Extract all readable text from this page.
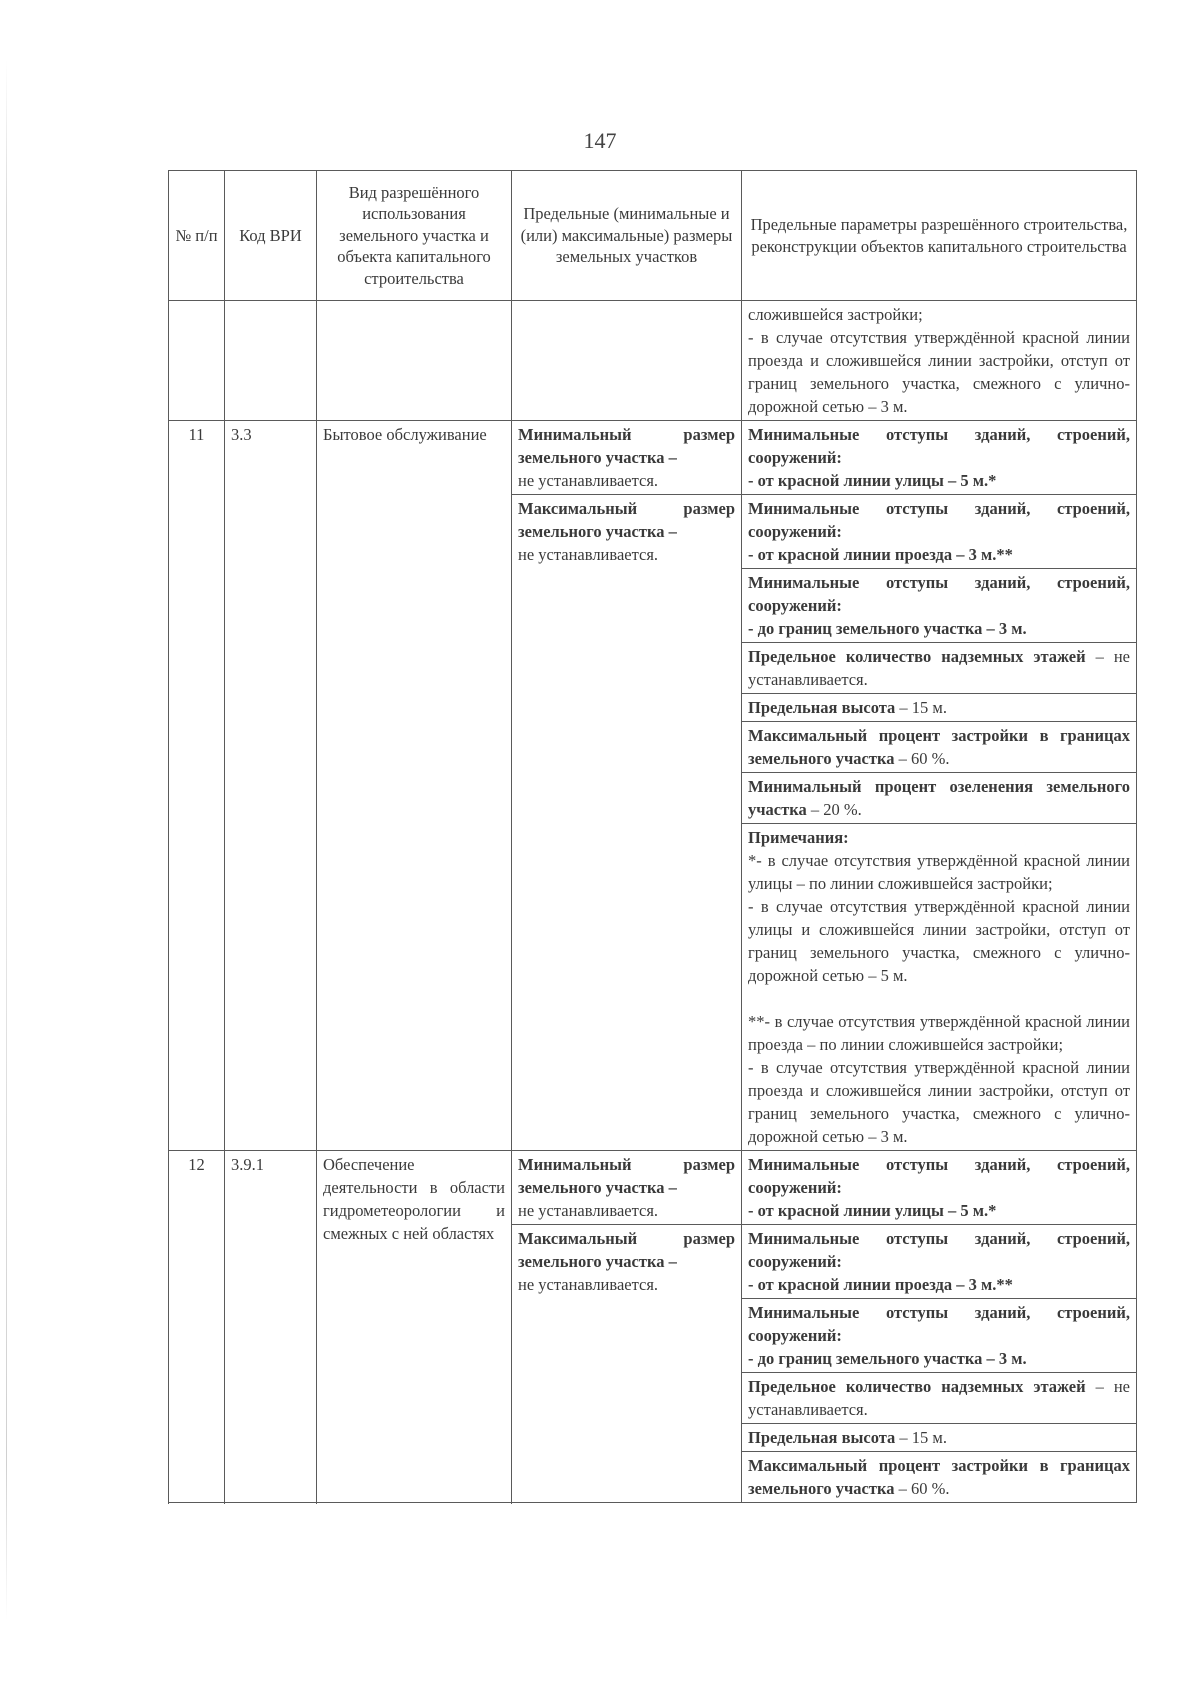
147
№ п/п	Код ВРИ	Вид разрешённого использования земельного участка и объекта капитального строительства	Предельные (минимальные и (или) максимальные) размеры земельных участков	Предельные параметры разрешённого строительства, реконструкции объектов капитального строительства

				сложившейся застройки;
- в случае отсутствия утверждённой красной линии проезда и сложившейся линии застройки, отступ от границ земельного участка, смежного с улично-дорожной сетью – 3 м.

11	3.3	Бытовое обслуживание	Минимальный размер земельного участка –
не устанавливается.	Минимальные отступы зданий, строений, сооружений:
- от красной линии улицы – 5 м.*

			Максимальный размер земельного участка –
не устанавливается.	Минимальные отступы зданий, строений, сооружений:
- от красной линии проезда – 3 м.**

				Минимальные отступы зданий, строений, сооружений:
- до границ земельного участка – 3 м.

				Предельное количество надземных этажей – не устанавливается.
				Предельная высота – 15 м.
				Максимальный процент застройки в границах земельного участка – 60 %.
				Минимальный процент озеленения земельного участка – 20 %.

				Примечания:
*- в случае отсутствия утверждённой красной линии улицы – по линии сложившейся застройки;
- в случае отсутствия утверждённой красной линии улицы и сложившейся линии застройки, отступ от границ земельного участка, смежного с улично-дорожной сетью – 5 м.
**- в случае отсутствия утверждённой красной линии проезда – по линии сложившейся застройки;
- в случае отсутствия утверждённой красной линии проезда и сложившейся линии застройки, отступ от границ земельного участка, смежного с улично-дорожной сетью – 3 м.

12	3.9.1	Обеспечение деятельности в области гидрометеорологии и смежных с ней областях	Минимальный размер земельного участка –
не устанавливается.	Минимальные отступы зданий, строений, сооружений:
- от красной линии улицы – 5 м.*

			Максимальный размер земельного участка –
не устанавливается.	Минимальные отступы зданий, строений, сооружений:
- от красной линии проезда – 3 м.**

				Минимальные отступы зданий, строений, сооружений:
- до границ земельного участка – 3 м.

				Предельное количество надземных этажей – не устанавливается.
				Предельная высота – 15 м.
				Максимальный процент застройки в границах земельного участка – 60 %.
